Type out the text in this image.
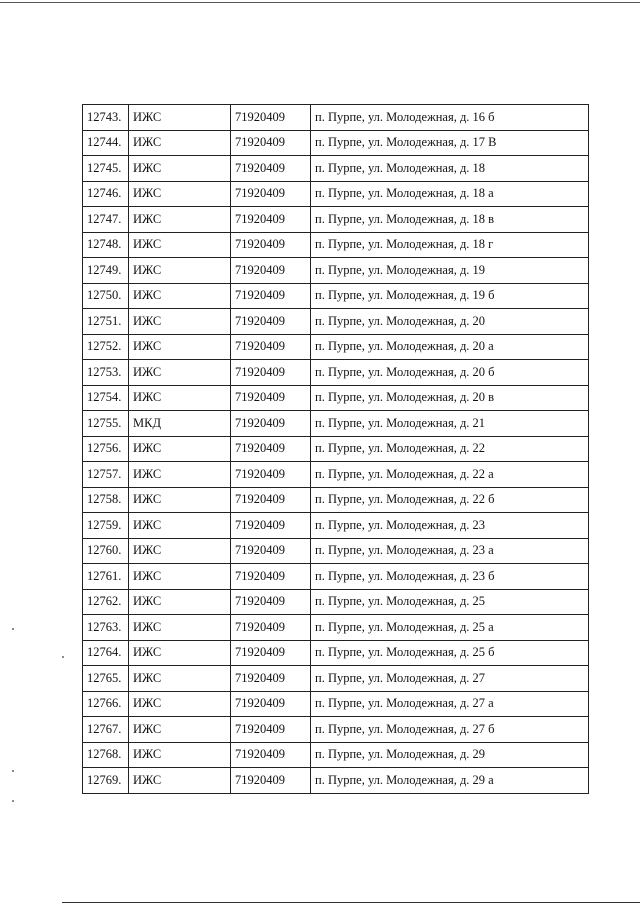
12743.	ИЖС	71920409	п. Пурпе, ул. Молодежная, д. 16 б
12744.	ИЖС	71920409	п. Пурпе, ул. Молодежная, д. 17 В
12745.	ИЖС	71920409	п. Пурпе, ул. Молодежная, д. 18
12746.	ИЖС	71920409	п. Пурпе, ул. Молодежная, д. 18 а
12747.	ИЖС	71920409	п. Пурпе, ул. Молодежная, д. 18 в
12748.	ИЖС	71920409	п. Пурпе, ул. Молодежная, д. 18 г
12749.	ИЖС	71920409	п. Пурпе, ул. Молодежная, д. 19
12750.	ИЖС	71920409	п. Пурпе, ул. Молодежная, д. 19 б
12751.	ИЖС	71920409	п. Пурпе, ул. Молодежная, д. 20
12752.	ИЖС	71920409	п. Пурпе, ул. Молодежная, д. 20 а
12753.	ИЖС	71920409	п. Пурпе, ул. Молодежная, д. 20 б
12754.	ИЖС	71920409	п. Пурпе, ул. Молодежная, д. 20 в
12755.	МКД	71920409	п. Пурпе, ул. Молодежная, д. 21
12756.	ИЖС	71920409	п. Пурпе, ул. Молодежная, д. 22
12757.	ИЖС	71920409	п. Пурпе, ул. Молодежная, д. 22 а
12758.	ИЖС	71920409	п. Пурпе, ул. Молодежная, д. 22 б
12759.	ИЖС	71920409	п. Пурпе, ул. Молодежная, д. 23
12760.	ИЖС	71920409	п. Пурпе, ул. Молодежная, д. 23 а
12761.	ИЖС	71920409	п. Пурпе, ул. Молодежная, д. 23 б
12762.	ИЖС	71920409	п. Пурпе, ул. Молодежная, д. 25
12763.	ИЖС	71920409	п. Пурпе, ул. Молодежная, д. 25 а
12764.	ИЖС	71920409	п. Пурпе, ул. Молодежная, д. 25 б
12765.	ИЖС	71920409	п. Пурпе, ул. Молодежная, д. 27
12766.	ИЖС	71920409	п. Пурпе, ул. Молодежная, д. 27 а
12767.	ИЖС	71920409	п. Пурпе, ул. Молодежная, д. 27 б
12768.	ИЖС	71920409	п. Пурпе, ул. Молодежная, д. 29
12769.	ИЖС	71920409	п. Пурпе, ул. Молодежная, д. 29 а
